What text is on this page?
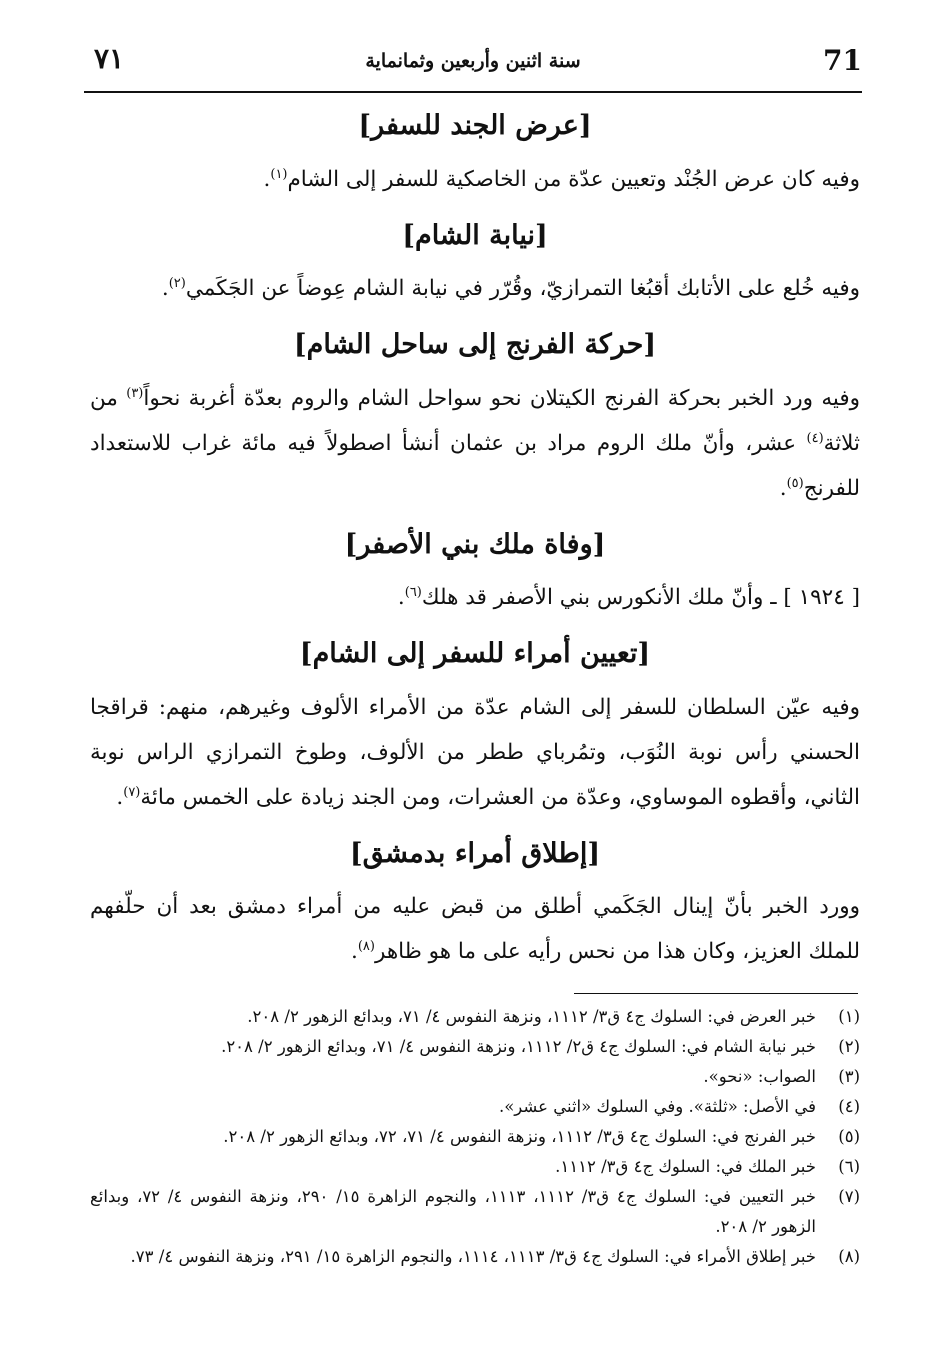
71
سنة اثنين وأربعين وثمانماية
٧١
[عرض الجند للسفر]

وفيه كان عرض الجُنْد وتعيين عدّة من الخاصكية للسفر إلى الشام$^{(١)}$.

[نيابة الشام]

وفيه خُلع على الأتابك أقبُغا التمرازيّ، وقُرّر في نيابة الشام عِوضاً عن الجَكَمي$^{(٢)}$.

[حركة الفرنج إلى ساحل الشام]

وفيه ورد الخبر بحركة الفرنج الكيتلان نحو سواحل الشام والروم بعدّة أغربة نحواً$^{(٣)}$ من ثلاثة$^{(٤)}$ عشر، وأنّ ملك الروم مراد بن عثمان أنشأ اصطولاً فيه مائة غراب للاستعداد للفرنج$^{(٥)}$.

[وفاة ملك بني الأصفر]

[ ١٩٢٤ ] ـ وأنّ ملك الأنكورس بني الأصفر قد هلك$^{(٦)}$.

[تعيين أمراء للسفر إلى الشام]

وفيه عيّن السلطان للسفر إلى الشام عدّة من الأمراء الألوف وغيرهم، منهم: قراقجا الحسني رأس نوبة النُوَب، وتمُرباي ططر من الألوف، وطوخ التمرازي الراس نوبة الثاني، وأقطوه الموساوي، وعدّة من العشرات، ومن الجند زيادة على الخمس مائة$^{(٧)}$.

[إطلاق أمراء بدمشق]

وورد الخبر بأنّ إينال الجَكَمي أطلق من قبض عليه من أمراء دمشق بعد أن حلّفهم للملك العزيز، وكان هذا من نحس رأيه على ما هو ظاهر$^{(٨)}$.

(١)
خبر العرض في: السلوك ج٤ ق٣/ ١١١٢، ونزهة النفوس ٤/ ٧١، وبدائع الزهور ٢/ ٢٠٨.
(٢)
خبر نيابة الشام في: السلوك ج٤ ق٢/ ١١١٢، ونزهة النفوس ٤/ ٧١، وبدائع الزهور ٢/ ٢٠٨.
(٣)
الصواب: «نحو».
(٤)
في الأصل: «ثلثة». وفي السلوك «اثني عشر».
(٥)
خبر الفرنج في: السلوك ج٤ ق٣/ ١١١٢، ونزهة النفوس ٤/ ٧١، ٧٢، وبدائع الزهور ٢/ ٢٠٨.
(٦)
خبر الملك في: السلوك ج٤ ق٣/ ١١١٢.
(٧)
خبر التعيين في: السلوك ج٤ ق٣/ ١١١٢، ١١١٣، والنجوم الزاهرة ١٥/ ٢٩٠، ونزهة النفوس ٤/ ٧٢، وبدائع الزهور ٢/ ٢٠٨.
(٨)
خبر إطلاق الأمراء في: السلوك ج٤ ق٣/ ١١١٣، ١١١٤، والنجوم الزاهرة ١٥/ ٢٩١، ونزهة النفوس ٤/ ٧٣.
